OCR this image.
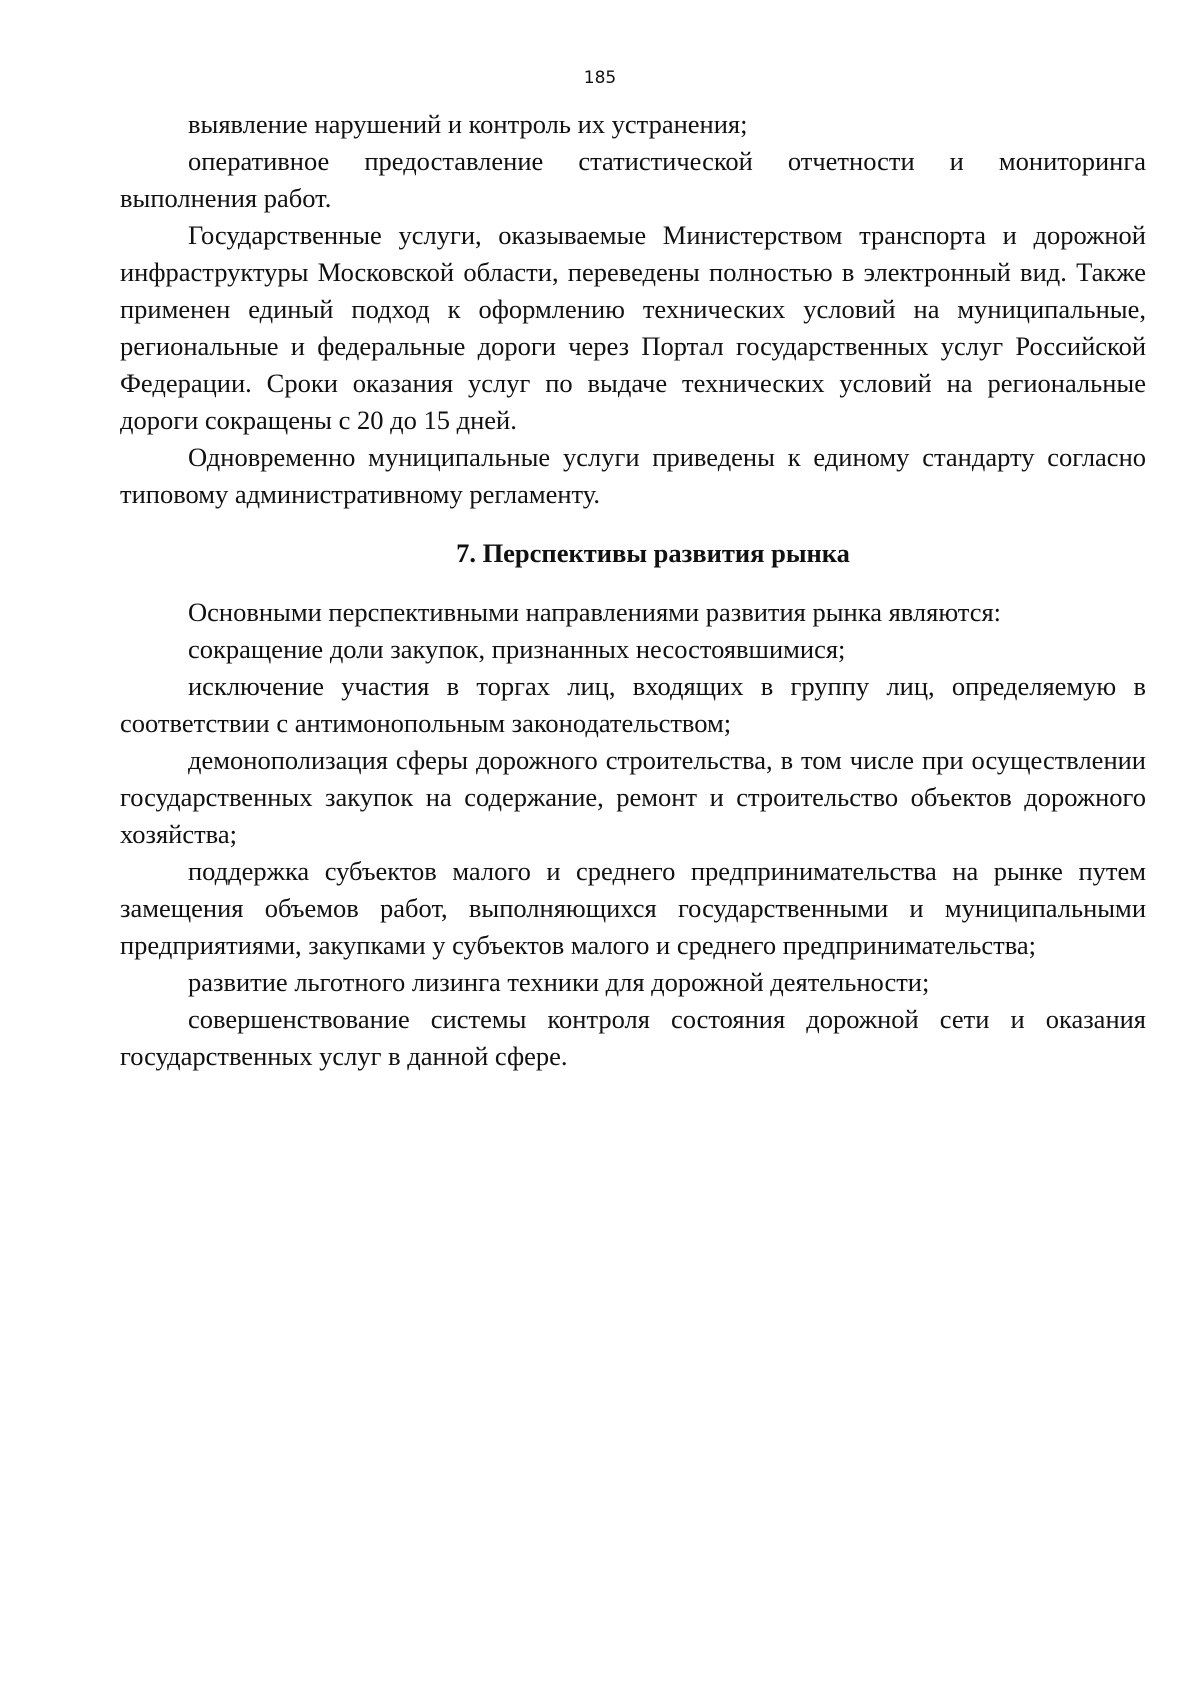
185

выявление нарушений и контроль их устранения;

оперативное предоставление статистической отчетности и мониторинга выполнения работ.

Государственные услуги, оказываемые Министерством транспорта и дорожной инфраструктуры Московской области, переведены полностью в электронный вид. Также применен единый подход к оформлению технических условий на муниципальные, региональные и федеральные дороги через Портал государственных услуг Российской Федерации. Сроки оказания услуг по выдаче технических условий на региональные дороги сокращены с 20 до 15 дней.

Одновременно муниципальные услуги приведены к единому стандарту согласно типовому административному регламенту.

7. Перспективы развития рынка

Основными перспективными направлениями развития рынка являются:

сокращение доли закупок, признанных несостоявшимися;

исключение участия в торгах лиц, входящих в группу лиц, определяемую в соответствии с антимонопольным законодательством;

демонополизация сферы дорожного строительства, в том числе при осуществлении государственных закупок на содержание, ремонт и строительство объектов дорожного хозяйства;

поддержка субъектов малого и среднего предпринимательства на рынке путем замещения объемов работ, выполняющихся государственными и муниципальными предприятиями, закупками у субъектов малого и среднего предпринимательства;

развитие льготного лизинга техники для дорожной деятельности;

совершенствование системы контроля состояния дорожной сети и оказания государственных услуг в данной сфере.
